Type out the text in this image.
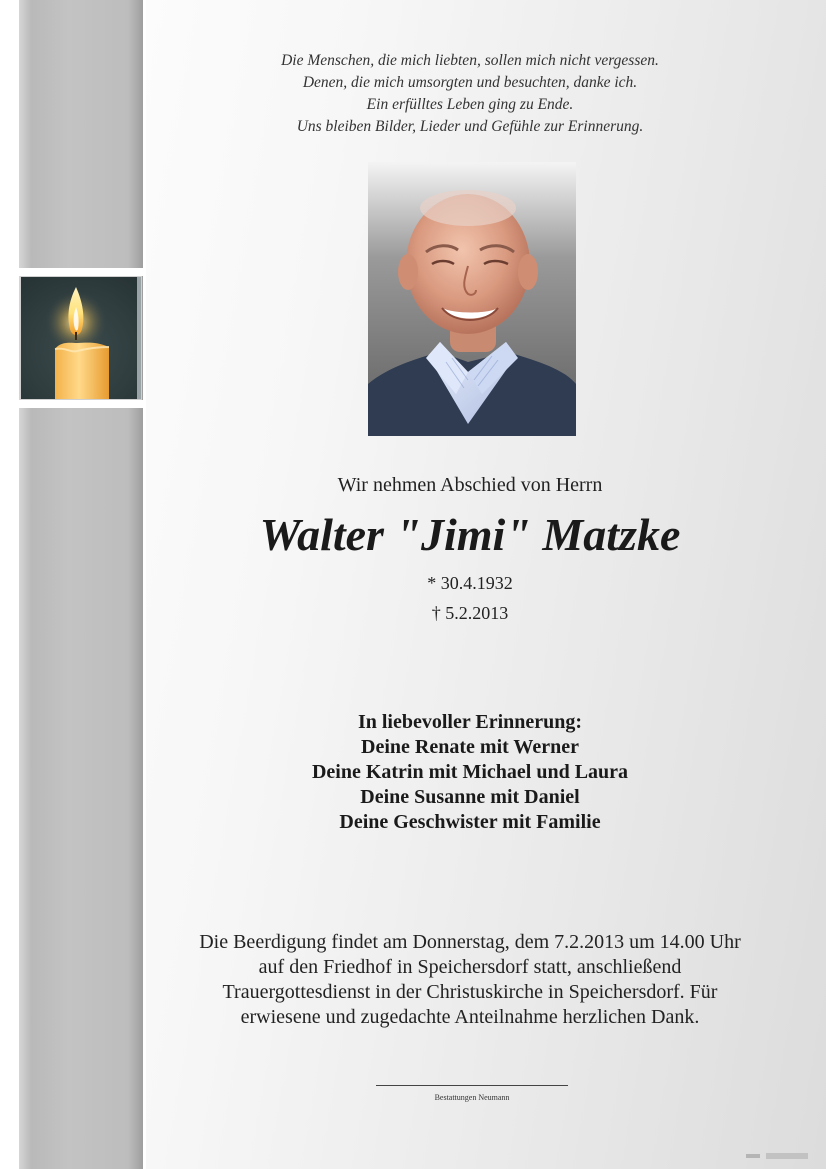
Die Menschen, die mich liebten, sollen mich nicht vergessen.
Denen, die mich umsorgten und besuchten, danke ich.
Ein erfülltes Leben ging zu Ende.
Uns bleiben Bilder, Lieder und Gefühle zur Erinnerung.
Wir nehmen Abschied von Herrn
Walter "Jimi" Matzke
* 30.4.1932
† 5.2.2013
In liebevoller Erinnerung:
Deine Renate mit Werner
Deine Katrin mit Michael und Laura
Deine Susanne mit Daniel
Deine Geschwister mit Familie
Die Beerdigung findet am Donnerstag, dem 7.2.2013 um 14.00 Uhr
auf den Friedhof in Speichersdorf statt, anschließend
Trauergottesdienst in der Christuskirche in Speichersdorf. Für
erwiesene und zugedachte Anteilnahme herzlichen Dank.
Bestattungen Neumann
